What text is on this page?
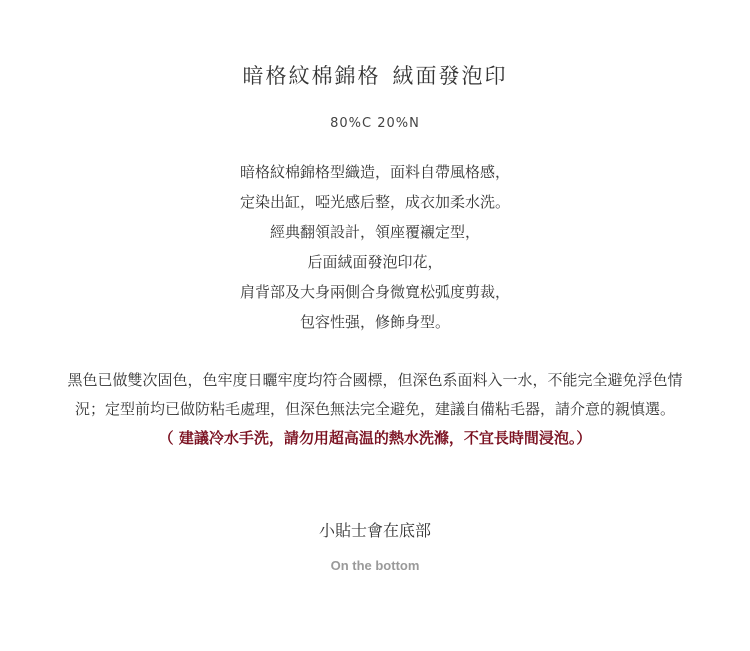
暗格紋棉錦格 絨面發泡印
80%C 20%N
暗格紋棉錦格型織造，面料自帶風格感，
定染出缸，啞光感后整，成衣加柔水洗。
經典翻領設計，領座覆襯定型，
后面絨面發泡印花，
肩背部及大身兩側合身微寬松弧度剪裁，
包容性强，修飾身型。
黑色已做雙次固色，色牢度日曬牢度均符合國標，但深色系面料入一水，不能完全避免浮色情
況；定型前均已做防粘毛處理，但深色無法完全避免，建議自備粘毛器，請介意的親慎選。
（ 建議冷水手洗，請勿用超高温的熱水洗滌，不宜長時間浸泡。）
小貼士會在底部
On the bottom
